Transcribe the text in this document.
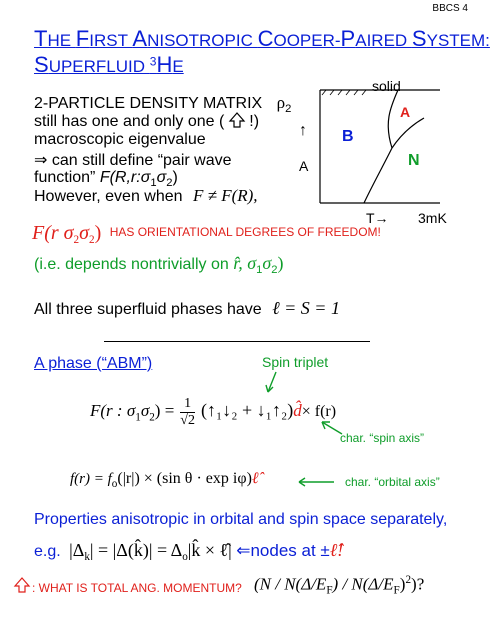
BBCS 4
THE FIRST ANISOTROPIC COOPER-PAIRED SYSTEM:
SUPERFLUID $^3$HE
2-PARTICLE DENSITY MATRIX $\rho_2$
still has one and only one ( !)
macroscopic eigenvalue
⇒ can still define “pair wave
function” $F(R,r:\sigma_1\sigma_2)$
However, even when F ≠ F(R),
solid
A
B
N
↑
A
T→ 3mK
F(r $\sigma_2\sigma_2$) HAS ORIENTATIONAL DEGREES OF FREEDOM!
(i.e. depends nontrivially on r̂, $\sigma_1\sigma_2$)
All three superfluid phases have ℓ = S = 1
A phase (“ABM”)	Spin triplet
F(r : $\sigma_1\sigma_2) = \frac{1}{√2}$ (↑₁↓₂ + ↓₁↑₂)d̂× f(r)
char. “spin axis”
$f(r) = f_o(|r|) \times (\sin$ θ · exp iφ)ℓ̂	char. “orbital axis”
Properties anisotropic in orbital and spin space separately,
e.g. $|\Delta_k|$ = |Δ(k̂)| = $\Delta_o|k̂$ × ℓ̂| ⇐nodes at ±ℓ̂!
: WHAT IS TOTAL ANG. MOMENTUM? $(N / N(\Delta/E_F) / N(\Delta/E_F)^2)$?
